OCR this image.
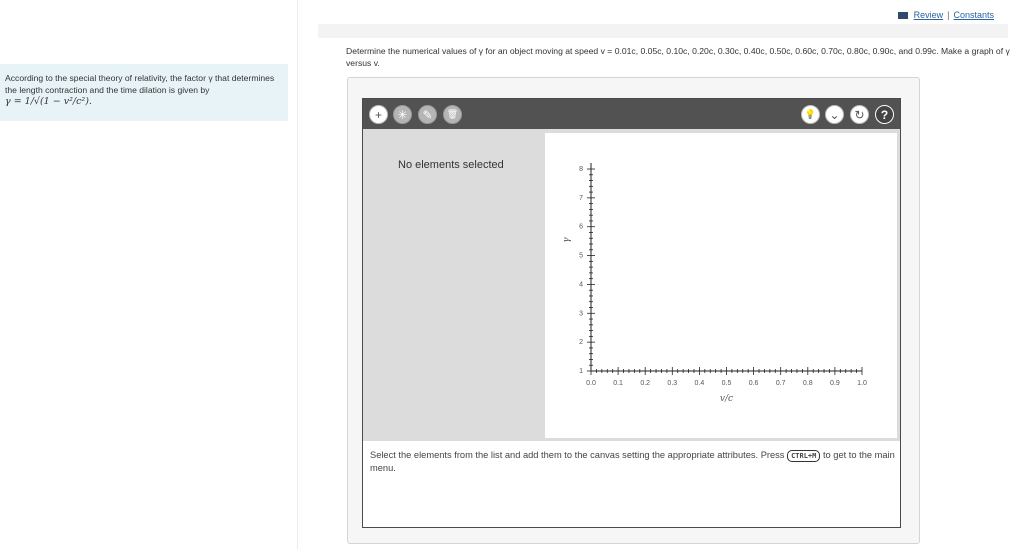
According to the special theory of relativity, the factor γ that determines the length contraction and the time dilation is given by
γ = 1/√(1 − v²/c²).
Review | Constants
Determine the numerical values of γ for an object moving at speed v = 0.01c, 0.05c, 0.10c, 0.20c, 0.30c, 0.40c, 0.50c, 0.60c, 0.70c, 0.80c, 0.90c, and 0.99c. Make a graph of γ versus v.
+ ✳ ✎ 🗑	💡 ⌄ ↻ ?
No elements selected
0.0 0.1 0.2 0.3 0.4 0.5 0.6 0.7 0.8 0.9 1.0
1
2
3
4
5
6
7
8
v/c
γ
Select the elements from the list and add them to the canvas setting the appropriate attributes. Press CTRL+M to get to the main menu.
